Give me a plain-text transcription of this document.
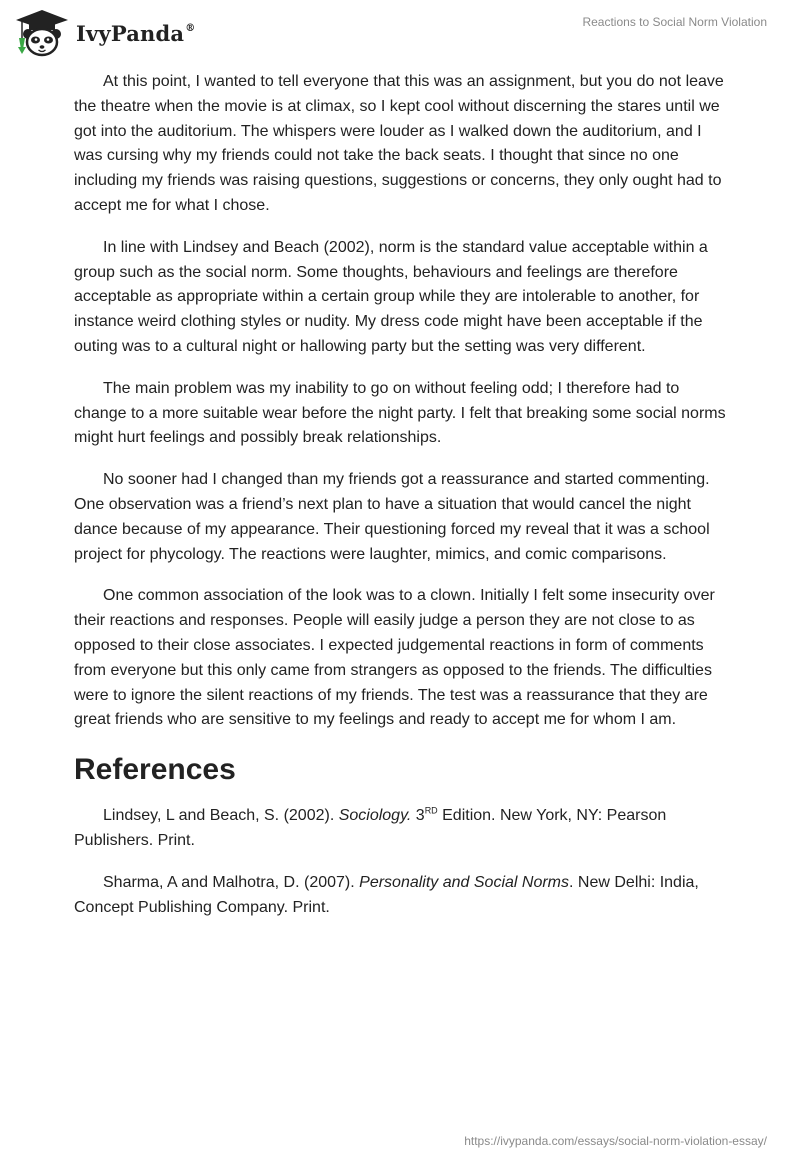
IvyPanda®	Reactions to Social Norm Violation

At this point, I wanted to tell everyone that this was an assignment, but you do not leave the theatre when the movie is at climax, so I kept cool without discerning the stares until we got into the auditorium. The whispers were louder as I walked down the auditorium, and I was cursing why my friends could not take the back seats. I thought that since no one including my friends was raising questions, suggestions or concerns, they only ought had to accept me for what I chose.

In line with Lindsey and Beach (2002), norm is the standard value acceptable within a group such as the social norm. Some thoughts, behaviours and feelings are therefore acceptable as appropriate within a certain group while they are intolerable to another, for instance weird clothing styles or nudity. My dress code might have been acceptable if the outing was to a cultural night or hallowing party but the setting was very different.

The main problem was my inability to go on without feeling odd; I therefore had to change to a more suitable wear before the night party. I felt that breaking some social norms might hurt feelings and possibly break relationships.

No sooner had I changed than my friends got a reassurance and started commenting. One observation was a friend’s next plan to have a situation that would cancel the night dance because of my appearance. Their questioning forced my reveal that it was a school project for phycology. The reactions were laughter, mimics, and comic comparisons.

One common association of the look was to a clown. Initially I felt some insecurity over their reactions and responses. People will easily judge a person they are not close to as opposed to their close associates. I expected judgemental reactions in form of comments from everyone but this only came from strangers as opposed to the friends. The difficulties were to ignore the silent reactions of my friends. The test was a reassurance that they are great friends who are sensitive to my feelings and ready to accept me for whom I am.

References

Lindsey, L and Beach, S. (2002). Sociology. 3RD Edition. New York, NY: Pearson Publishers. Print.

Sharma, A and Malhotra, D. (2007). Personality and Social Norms. New Delhi: India, Concept Publishing Company. Print.

https://ivypanda.com/essays/social-norm-violation-essay/
